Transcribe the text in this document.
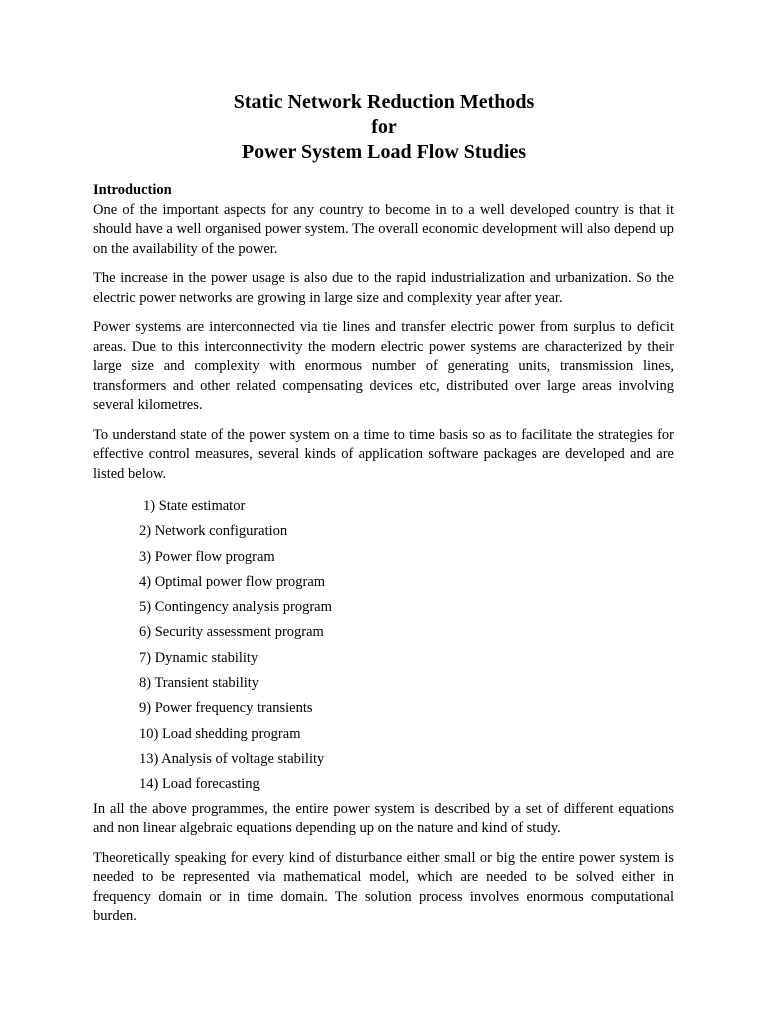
Static Network Reduction Methods
for
Power System Load Flow Studies

Introduction

One of the important aspects for any country to become in to a well developed country is that it should have a well organised power system. The overall economic development will also depend up on the availability of the power.

The increase in the power usage is also due to the rapid industrialization and urbanization. So the electric power networks are growing in large size and complexity year after year.

Power systems are interconnected via tie lines and transfer electric power from surplus to deficit areas. Due to this interconnectivity the modern electric power systems are characterized by their large size and complexity with enormous number of generating units, transmission lines, transformers and other related compensating devices etc, distributed over large areas involving several kilometres.

To understand state of the power system on a time to time basis so as to facilitate the strategies for effective control measures, several kinds of application software packages are developed and are listed below.

1) State estimator
2) Network configuration
3) Power flow program
4) Optimal power flow program
5) Contingency analysis program
6) Security assessment program
7) Dynamic stability
8) Transient stability
9) Power frequency transients
10) Load shedding program
13) Analysis of voltage stability
14) Load forecasting

In all the above programmes, the entire power system is described by a set of different equations and non linear algebraic equations depending up on the nature and kind of study.

Theoretically speaking for every kind of disturbance either small or big the entire power system is needed to be represented via mathematical model, which are needed to be solved either in frequency domain or in time domain. The solution process involves enormous computational burden.
